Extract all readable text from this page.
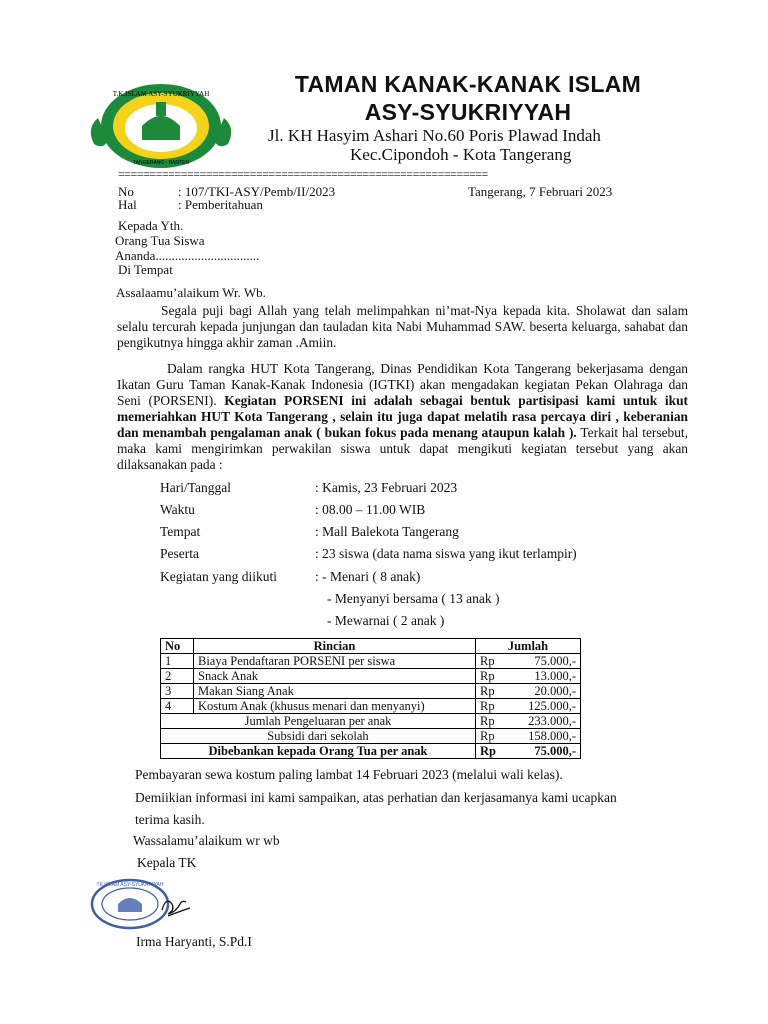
T.K.ISLAM ASY-SYUKRIYYAH
TANGERANG - BANTEN
TAMAN KANAK-KANAK ISLAM
ASY-SYUKRIYYAH
Jl. KH Hasyim Ashari No.60 Poris Plawad Indah
Kec.Cipondoh - Kota Tangerang
===========================================================
No	: 107/TKI-ASY/Pemb/II/2023	Tangerang, 7 Februari 2023
Hal	: Pemberitahuan
Kepada Yth.
Orang Tua Siswa
Ananda................................
Di Tempat
Assalaamu’alaikum Wr. Wb.
Segala puji bagi Allah yang telah melimpahkan ni’mat-Nya kepada kita. Sholawat dan salam selalu tercurah kepada junjungan dan tauladan kita Nabi Muhammad SAW. beserta keluarga, sahabat dan pengikutnya hingga akhir zaman .Amiin.
Dalam rangka HUT Kota Tangerang, Dinas Pendidikan Kota Tangerang bekerjasama dengan Ikatan Guru Taman Kanak-Kanak Indonesia (IGTKI) akan mengadakan kegiatan Pekan Olahraga dan Seni (PORSENI). Kegiatan PORSENI ini adalah sebagai bentuk partisipasi kami untuk ikut memeriahkan HUT Kota Tangerang , selain itu juga dapat melatih rasa percaya diri , keberanian dan menambah pengalaman anak ( bukan fokus pada menang ataupun kalah ). Terkait hal tersebut, maka kami mengirimkan perwakilan siswa untuk dapat mengikuti kegiatan tersebut yang akan dilaksanakan pada :
Hari/Tanggal	: Kamis, 23 Februari 2023
Waktu	: 08.00 – 11.00 WIB
Tempat	: Mall Balekota Tangerang
Peserta	: 23 siswa (data nama siswa yang ikut terlampir)
Kegiatan yang diikuti	: - Menari ( 8 anak)
- Menyanyi bersama ( 13 anak )
- Mewarnai ( 2 anak )
No	Rincian	Jumlah	
1	Biaya Pendaftaran PORSENI per siswa	Rp	75.000,-
2	Snack Anak	Rp	13.000,-
3	Makan Siang Anak	Rp	20.000,-
4	Kostum Anak (khusus menari dan menyanyi)	Rp	125.000,-
Jumlah Pengeluaran per anak		Rp	233.000,-
Subsidi dari sekolah		Rp	158.000,-
Dibebankan kepada Orang Tua per anak		Rp	75.000,-
Pembayaran sewa kostum paling lambat 14 Februari 2023 (melalui wali kelas).
Demiikian informasi ini kami sampaikan, atas perhatian dan kerjasamanya kami ucapkan
terima kasih.
Wassalamu’alaikum wr wb
Kepala TK
TK.ISLAM ASY-SYUKRIYYAH
Irma Haryanti, S.Pd.I
